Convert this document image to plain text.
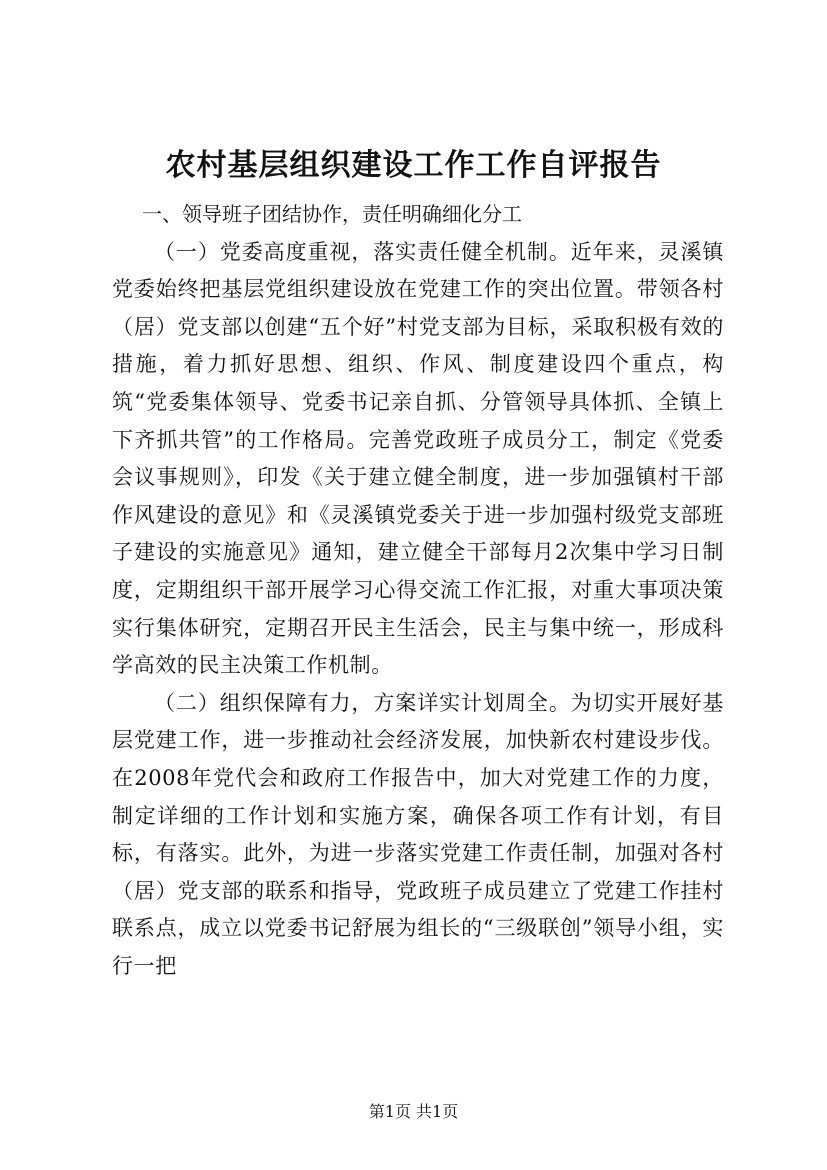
农村基层组织建设工作工作自评报告

一、领导班子团结协作，责任明确细化分工

（一）党委高度重视，落实责任健全机制。近年来，灵溪镇党委始终把基层党组织建设放在党建工作的突出位置。带领各村（居）党支部以创建“五个好”村党支部为目标，采取积极有效的措施，着力抓好思想、组织、作风、制度建设四个重点，构筑“党委集体领导、党委书记亲自抓、分管领导具体抓、全镇上下齐抓共管”的工作格局。完善党政班子成员分工，制定《党委会议事规则》，印发《关于建立健全制度，进一步加强镇村干部作风建设的意见》和《灵溪镇党委关于进一步加强村级党支部班子建设的实施意见》通知，建立健全干部每月2次集中学习日制度，定期组织干部开展学习心得交流工作汇报，对重大事项决策实行集体研究，定期召开民主生活会，民主与集中统一，形成科学高效的民主决策工作机制。

（二）组织保障有力，方案详实计划周全。为切实开展好基层党建工作，进一步推动社会经济发展，加快新农村建设步伐。在2008年党代会和政府工作报告中，加大对党建工作的力度，制定详细的工作计划和实施方案，确保各项工作有计划，有目标，有落实。此外，为进一步落实党建工作责任制，加强对各村（居）党支部的联系和指导，党政班子成员建立了党建工作挂村联系点，成立以党委书记舒展为组长的“三级联创”领导小组，实行一把

第1页 共1页
